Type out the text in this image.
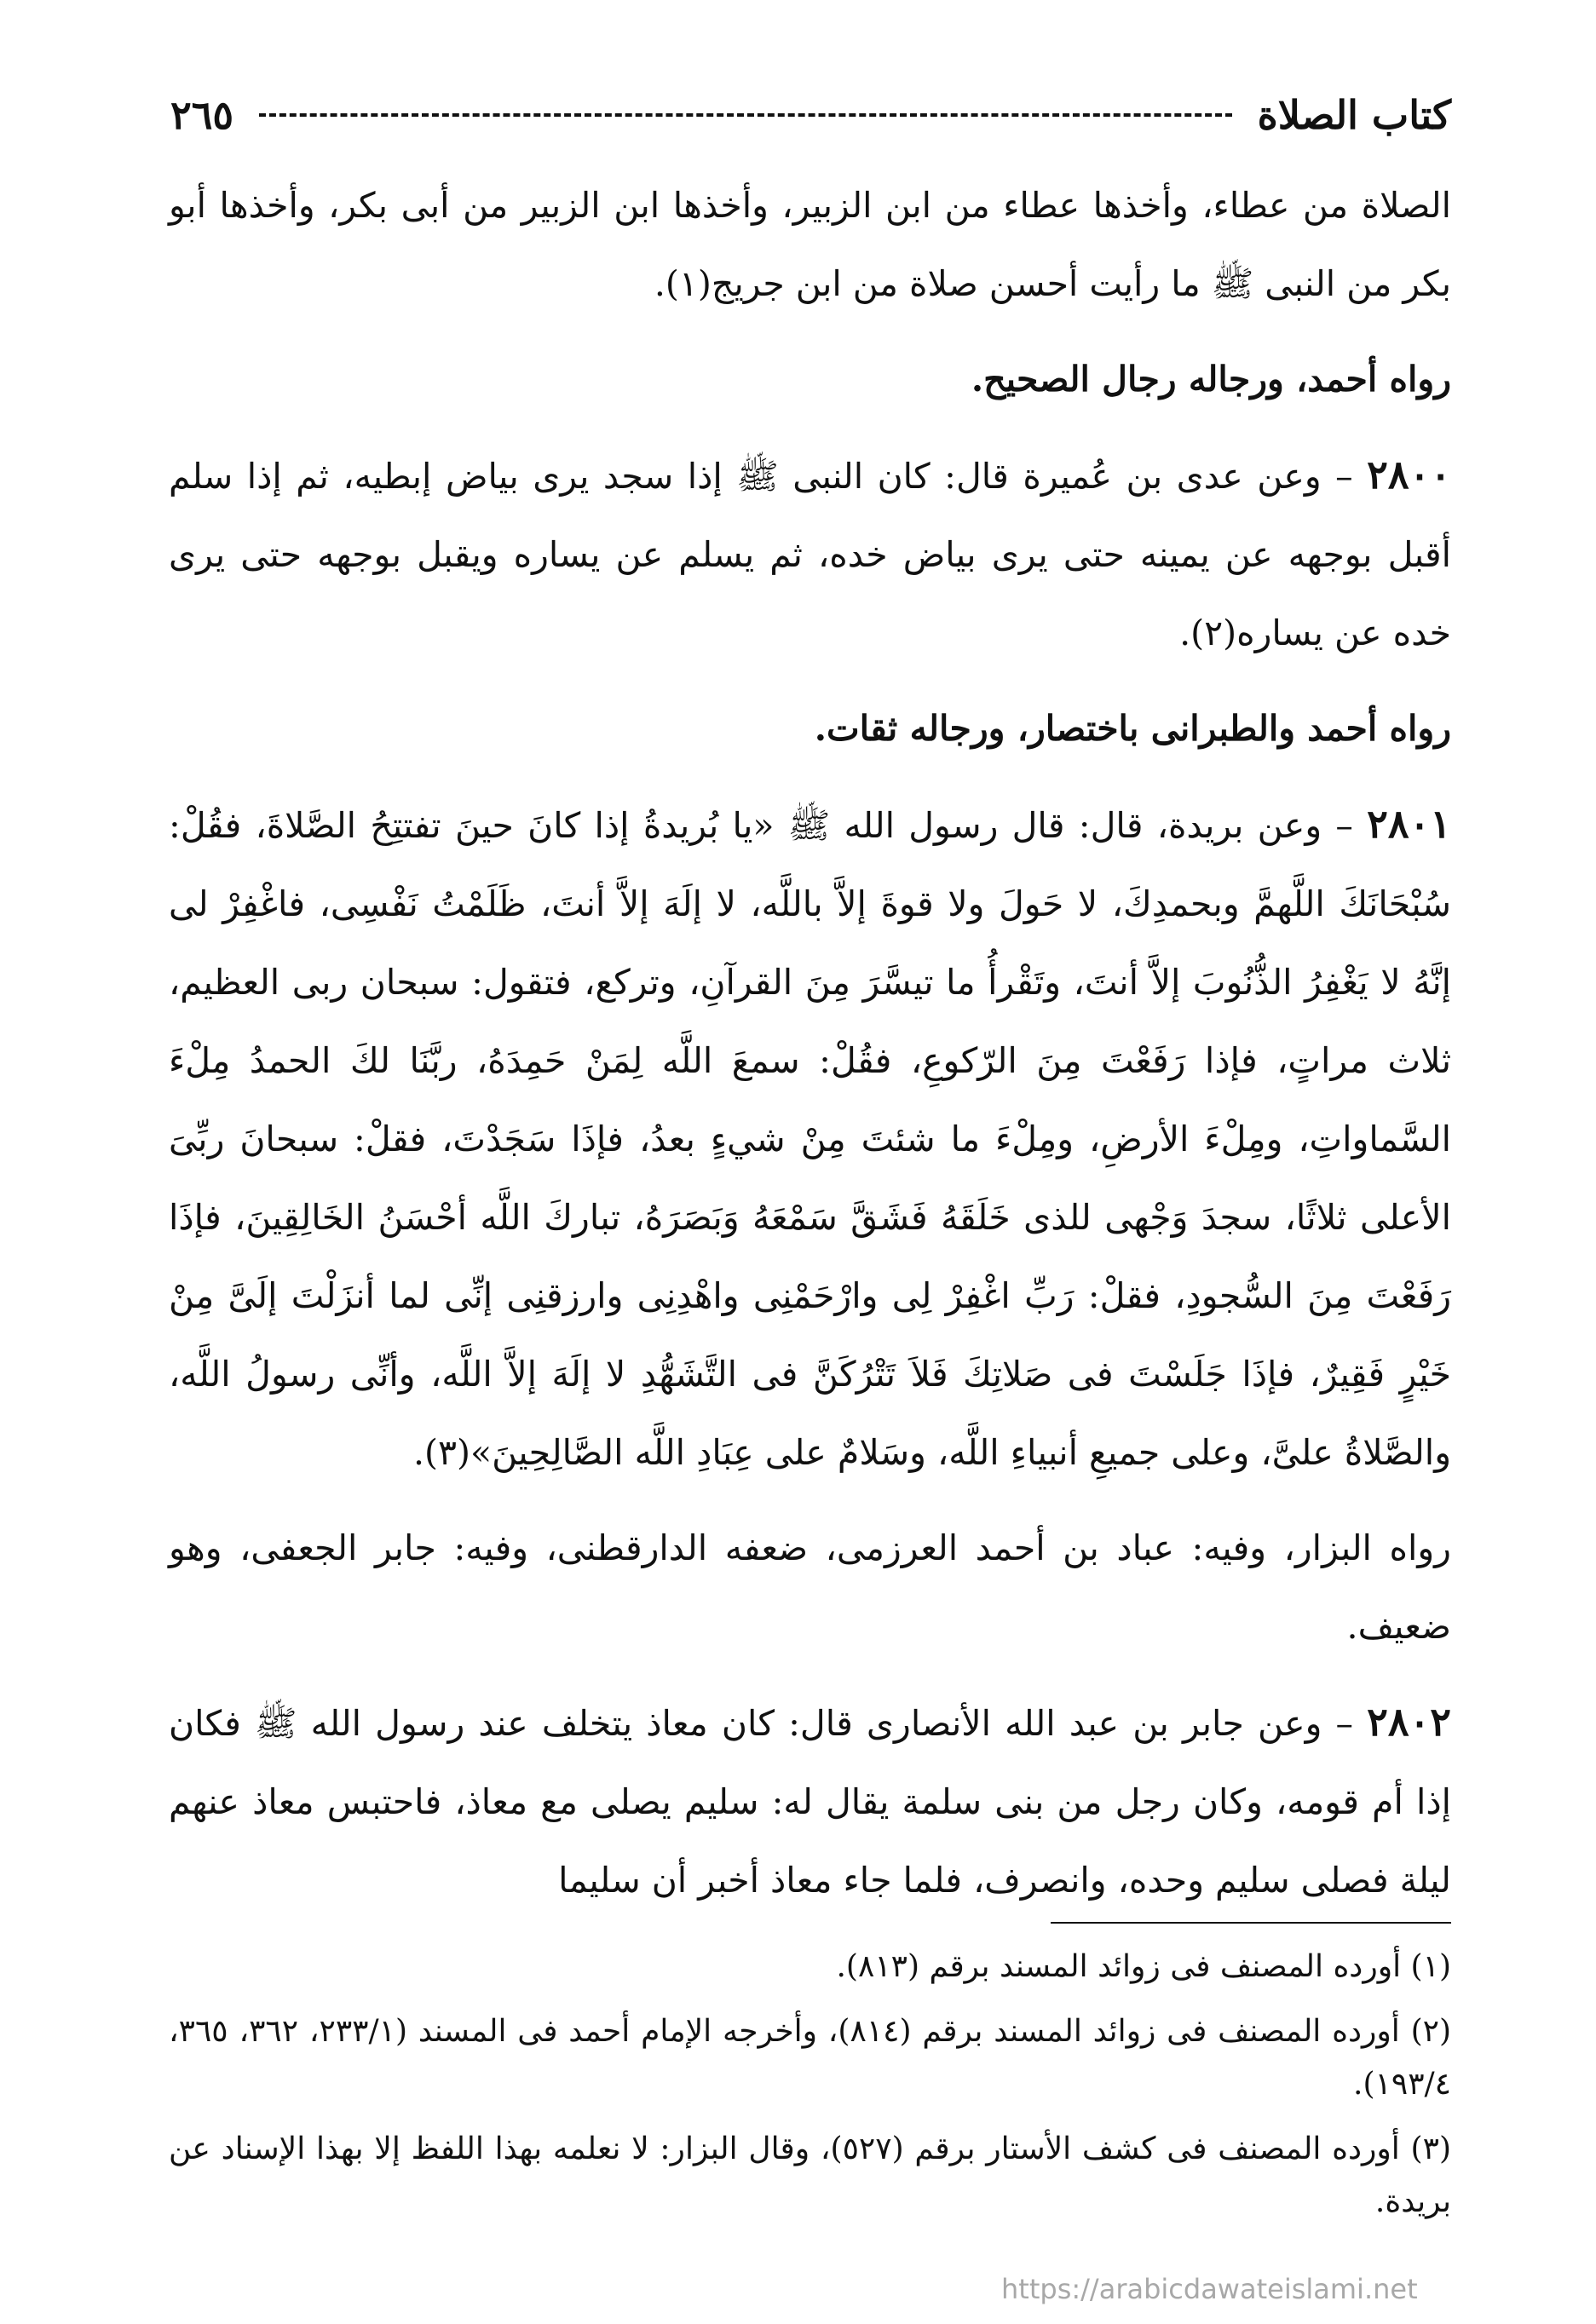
كتاب الصلاة
٢٦٥

الصلاة من عطاء، وأخذها عطاء من ابن الزبير، وأخذها ابن الزبير من أبى بكر، وأخذها أبو بكر من النبى ﷺ ما رأيت أحسن صلاة من ابن جريج(١).

رواه أحمد، ورجاله رجال الصحيح.

٢٨٠٠ – وعن عدى بن عُميرة قال: كان النبى ﷺ إذا سجد يرى بياض إبطيه، ثم إذا سلم أقبل بوجهه عن يمينه حتى يرى بياض خده، ثم يسلم عن يساره ويقبل بوجهه حتى يرى خده عن يساره(٢).

رواه أحمد والطبرانى باختصار، ورجاله ثقات.

٢٨٠١ – وعن بريدة، قال: قال رسول الله ﷺ «يا بُريدةُ إذا كانَ حينَ تفتتِحُ الصَّلاةَ، فقُلْ: سُبْحَانَكَ اللَّهمَّ وبحمدِكَ، لا حَولَ ولا قوةَ إلاَّ باللَّه، لا إلَهَ إلاَّ أنتَ، ظَلَمْتُ نَفْسِى، فاغْفِرْ لى إنَّهُ لا يَغْفِرُ الذُّنُوبَ إلاَّ أنتَ، وتَقْرأُ ما تيسَّرَ مِنَ القرآنِ، وتركع، فتقول: سبحان ربى العظيم، ثلاث مراتٍ، فإذا رَفَعْتَ مِنَ الرّكوعِ، فقُلْ: سمعَ اللَّه لِمَنْ حَمِدَهُ، ربَّنَا لكَ الحمدُ مِلْءَ السَّماواتِ، ومِلْءَ الأرضِ، ومِلْءَ ما شئتَ مِنْ شيءٍ بعدُ، فإذَا سَجَدْتَ، فقلْ: سبحانَ ربِّىَ الأعلى ثلاثًا، سجدَ وَجْهى للذى خَلَقَهُ فَشَقَّ سَمْعَهُ وَبَصَرَهُ، تباركَ اللَّه أحْسَنُ الخَالِقِينَ، فإذَا رَفَعْتَ مِنَ السُّجودِ، فقلْ: رَبِّ اغْفِرْ لِى وارْحَمْنِى واهْدِنِى وارزقنِى إنِّى لما أنزَلْتَ إلَىَّ مِنْ خَيْرٍ فَقِيرٌ، فإذَا جَلَسْتَ فى صَلاتِكَ فَلاَ تَتْرُكَنَّ فى التَّشَهُّدِ لا إلَهَ إلاَّ اللَّه، وأنِّى رسولُ اللَّه، والصَّلاةُ علىَّ، وعلى جميعِ أنبياءِ اللَّه، وسَلامٌ على عِبَادِ اللَّه الصَّالِحِينَ»(٣).

رواه البزار، وفيه: عباد بن أحمد العرزمى، ضعفه الدارقطنى، وفيه: جابر الجعفى، وهو ضعيف.

٢٨٠٢ – وعن جابر بن عبد الله الأنصارى قال: كان معاذ يتخلف عند رسول الله ﷺ فكان إذا أم قومه، وكان رجل من بنى سلمة يقال له: سليم يصلى مع معاذ، فاحتبس معاذ عنهم ليلة فصلى سليم وحده، وانصرف، فلما جاء معاذ أخبر أن سليما

(١) أورده المصنف فى زوائد المسند برقم (٨١٣).

(٢) أورده المصنف فى زوائد المسند برقم (٨١٤)، وأخرجه الإمام أحمد فى المسند (٢٣٣/١، ٣٦٢، ٣٦٥، ١٩٣/٤).

(٣) أورده المصنف فى كشف الأستار برقم (٥٢٧)، وقال البزار: لا نعلمه بهذا اللفظ إلا بهذا الإسناد عن بريدة.

https://arabicdawateislami.net
